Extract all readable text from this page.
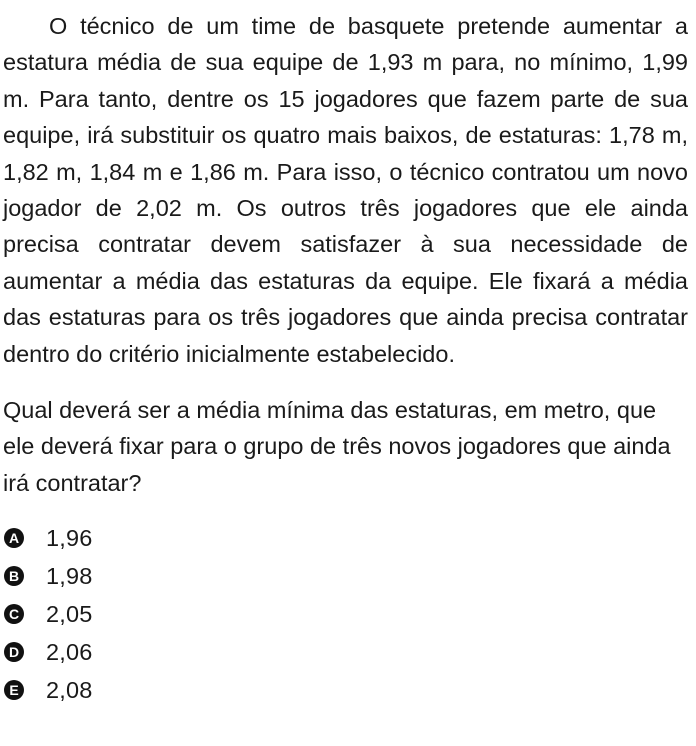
O técnico de um time de basquete pretende aumentar a estatura média de sua equipe de 1,93 m para, no mínimo, 1,99 m. Para tanto, dentre os 15 jogadores que fazem parte de sua equipe, irá substituir os quatro mais baixos, de estaturas: 1,78 m, 1,82 m, 1,84 m e 1,86 m. Para isso, o técnico contratou um novo jogador de 2,02 m. Os outros três jogadores que ele ainda precisa contratar devem satisfazer à sua necessidade de aumentar a média das estaturas da equipe. Ele fixará a média das estaturas para os três jogadores que ainda precisa contratar dentro do critério inicialmente estabelecido.

Qual deverá ser a média mínima das estaturas, em metro, que ele deverá fixar para o grupo de três novos jogadores que ainda irá contratar?

A 1,96
B 1,98
C 2,05
D 2,06
E 2,08
